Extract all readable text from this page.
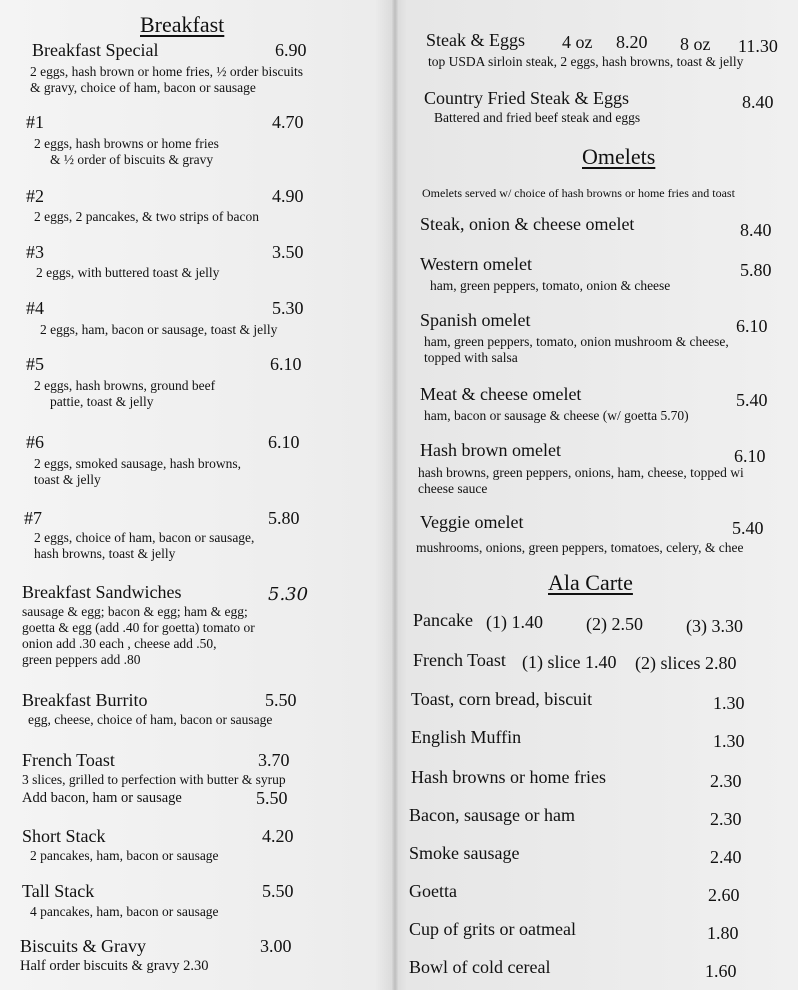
Breakfast
Breakfast Special	6.90
2 eggs, hash brown or home fries, ½ order biscuits
& gravy, choice of ham, bacon or sausage
#1	4.70
2 eggs, hash browns or home fries
& ½ order of biscuits & gravy
#2	4.90
2 eggs, 2 pancakes, & two strips of bacon
#3	3.50
2 eggs, with buttered toast & jelly
#4	5.30
2 eggs, ham, bacon or sausage, toast & jelly
#5	6.10
2 eggs, hash browns, ground beef
pattie, toast & jelly
#6	6.10
2 eggs, smoked sausage, hash browns,
toast & jelly
#7	5.80
2 eggs, choice of ham, bacon or sausage,
hash browns, toast & jelly
Breakfast Sandwiches	5.30
sausage & egg; bacon & egg; ham & egg;
goetta & egg (add .40 for goetta) tomato or
onion add .30 each , cheese add .50,
green peppers add .80
Breakfast Burrito	5.50
egg, cheese, choice of ham, bacon or sausage
French Toast	3.70
3 slices, grilled to perfection with butter & syrup
Add bacon, ham or sausage	5.50
Short Stack	4.20
2 pancakes, ham, bacon or sausage
Tall Stack	5.50
4 pancakes, ham, bacon or sausage
Biscuits & Gravy	3.00
Half order biscuits & gravy 2.30
Omelets
Omelets served w/ choice of hash browns or home fries and toast
Ala Carte
Steak & Eggs 4 oz 8.20 8 oz 11.30
top USDA sirloin steak, 2 eggs, hash browns, toast & jelly
Country Fried Steak & Eggs	8.40
Battered and fried beef steak and eggs
Steak, onion & cheese omelet	8.40
Western omelet	5.80
ham, green peppers, tomato, onion & cheese
Spanish omelet	6.10
ham, green peppers, tomato, onion mushroom & cheese,
topped with salsa
Meat & cheese omelet	5.40
ham, bacon or sausage & cheese (w/ goetta 5.70)
Hash brown omelet	6.10
hash browns, green peppers, onions, ham, cheese, topped wi
cheese sauce
Veggie omelet	5.40
mushrooms, onions, green peppers, tomatoes, celery, & chee
Pancake (1) 1.40 (2) 2.50 (3) 3.30
French Toast (1) slice 1.40 (2) slices 2.80
Toast, corn bread, biscuit	1.30
English Muffin	1.30
Hash browns or home fries	2.30
Bacon, sausage or ham	2.30
Smoke sausage	2.40
Goetta	2.60
Cup of grits or oatmeal	1.80
Bowl of cold cereal	1.60
